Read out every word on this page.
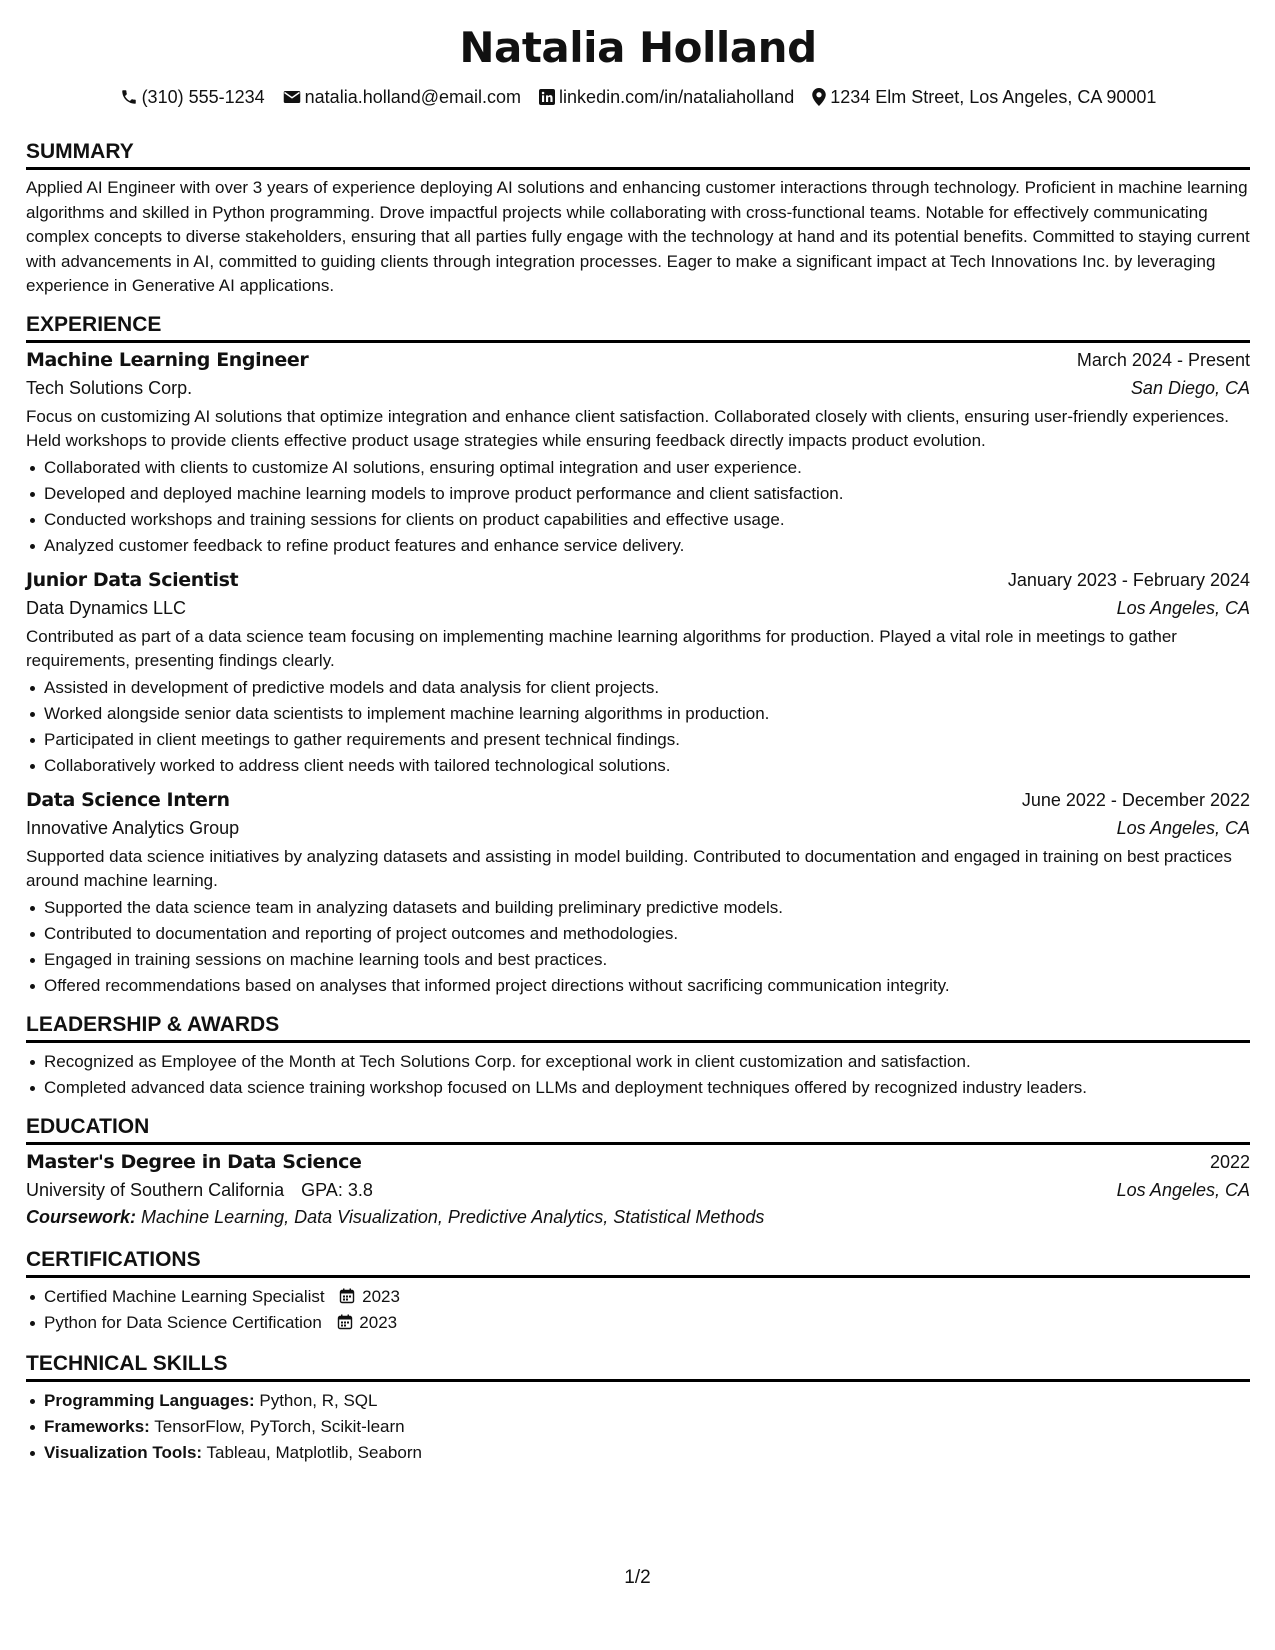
Natalia Holland
(310) 555-1234 natalia.holland@email.com linkedin.com/in/nataliaholland 1234 Elm Street, Los Angeles, CA 90001
SUMMARY
Applied AI Engineer with over 3 years of experience deploying AI solutions and enhancing customer interactions through technology. Proficient in machine learning algorithms and skilled in Python programming. Drove impactful projects while collaborating with cross-functional teams. Notable for effectively communicating complex concepts to diverse stakeholders, ensuring that all parties fully engage with the technology at hand and its potential benefits. Committed to staying current with advancements in AI, committed to guiding clients through integration processes. Eager to make a significant impact at Tech Innovations Inc. by leveraging experience in Generative AI applications.
EXPERIENCE
Machine Learning Engineer	March 2024 - Present
Tech Solutions Corp.	San Diego, CA
Focus on customizing AI solutions that optimize integration and enhance client satisfaction. Collaborated closely with clients, ensuring user-friendly experiences. Held workshops to provide clients effective product usage strategies while ensuring feedback directly impacts product evolution.
Collaborated with clients to customize AI solutions, ensuring optimal integration and user experience.
Developed and deployed machine learning models to improve product performance and client satisfaction.
Conducted workshops and training sessions for clients on product capabilities and effective usage.
Analyzed customer feedback to refine product features and enhance service delivery.
Junior Data Scientist	January 2023 - February 2024
Data Dynamics LLC	Los Angeles, CA
Contributed as part of a data science team focusing on implementing machine learning algorithms for production. Played a vital role in meetings to gather requirements, presenting findings clearly.
Assisted in development of predictive models and data analysis for client projects.
Worked alongside senior data scientists to implement machine learning algorithms in production.
Participated in client meetings to gather requirements and present technical findings.
Collaboratively worked to address client needs with tailored technological solutions.
Data Science Intern	June 2022 - December 2022
Innovative Analytics Group	Los Angeles, CA
Supported data science initiatives by analyzing datasets and assisting in model building. Contributed to documentation and engaged in training on best practices around machine learning.
Supported the data science team in analyzing datasets and building preliminary predictive models.
Contributed to documentation and reporting of project outcomes and methodologies.
Engaged in training sessions on machine learning tools and best practices.
Offered recommendations based on analyses that informed project directions without sacrificing communication integrity.
LEADERSHIP & AWARDS
Recognized as Employee of the Month at Tech Solutions Corp. for exceptional work in client customization and satisfaction.
Completed advanced data science training workshop focused on LLMs and deployment techniques offered by recognized industry leaders.
EDUCATION
Master's Degree in Data Science	2022
University of Southern California GPA: 3.8	Los Angeles, CA
Coursework: Machine Learning, Data Visualization, Predictive Analytics, Statistical Methods
CERTIFICATIONS
Certified Machine Learning Specialist 2023
Python for Data Science Certification 2023
TECHNICAL SKILLS
Programming Languages: Python, R, SQL
Frameworks: TensorFlow, PyTorch, Scikit-learn
Visualization Tools: Tableau, Matplotlib, Seaborn
1/2
